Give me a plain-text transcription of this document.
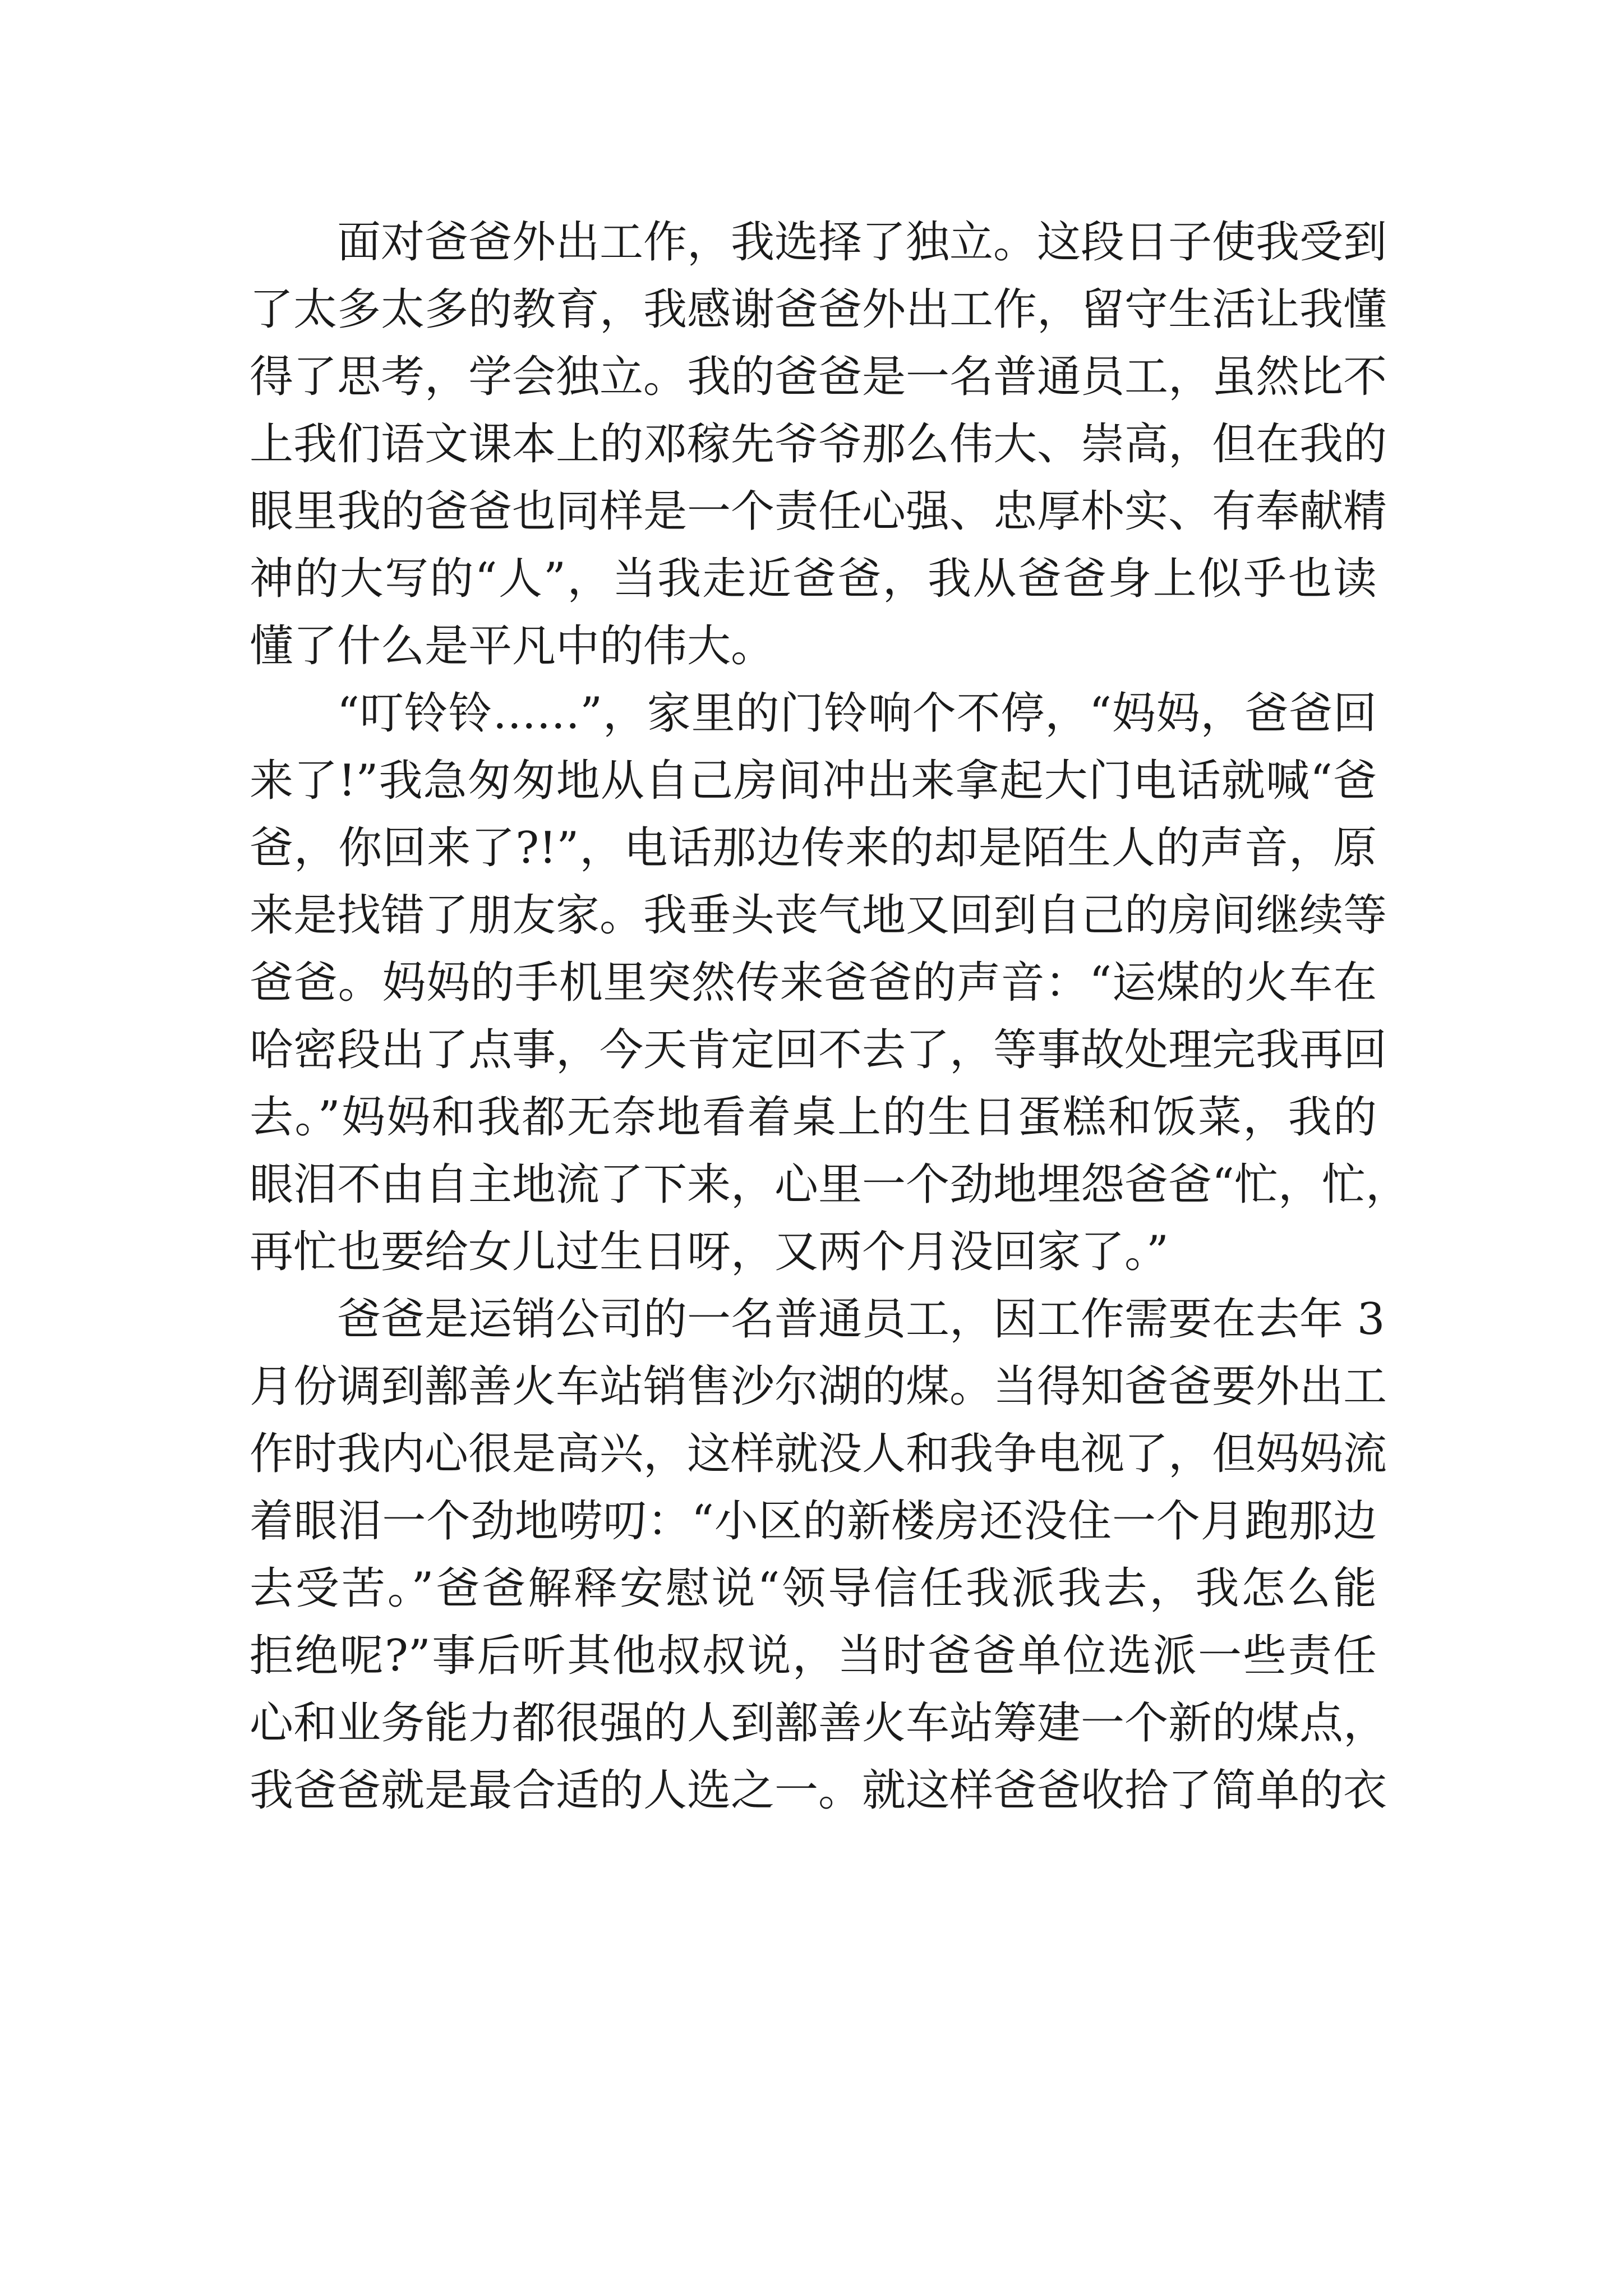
面对爸爸外出工作，我选择了独立。这段日子使我受到
了太多太多的教育，我感谢爸爸外出工作，留守生活让我懂
得了思考，学会独立。我的爸爸是一名普通员工，虽然比不
上我们语文课本上的邓稼先爷爷那么伟大、崇高，但在我的
眼里我的爸爸也同样是一个责任心强、忠厚朴实、有奉献精
神的大写的“人”，当我走近爸爸，我从爸爸身上似乎也读
懂了什么是平凡中的伟大。
“叮铃铃……”，家里的门铃响个不停，“妈妈，爸爸回
来了!”我急匆匆地从自己房间冲出来拿起大门电话就喊“爸
爸，你回来了?!”，电话那边传来的却是陌生人的声音，原
来是找错了朋友家。我垂头丧气地又回到自己的房间继续等
爸爸。妈妈的手机里突然传来爸爸的声音：“运煤的火车在
哈密段出了点事，今天肯定回不去了，等事故处理完我再回
去。”妈妈和我都无奈地看着桌上的生日蛋糕和饭菜，我的
眼泪不由自主地流了下来，心里一个劲地埋怨爸爸“忙，忙，
再忙也要给女儿过生日呀，又两个月没回家了。”
爸爸是运销公司的一名普通员工，因工作需要在去年 3
月份调到鄯善火车站销售沙尔湖的煤。当得知爸爸要外出工
作时我内心很是高兴，这样就没人和我争电视了，但妈妈流
着眼泪一个劲地唠叨：“小区的新楼房还没住一个月跑那边
去受苦。”爸爸解释安慰说“领导信任我派我去，我怎么能
拒绝呢?”事后听其他叔叔说，当时爸爸单位选派一些责任
心和业务能力都很强的人到鄯善火车站筹建一个新的煤点，
我爸爸就是最合适的人选之一。就这样爸爸收拾了简单的衣
